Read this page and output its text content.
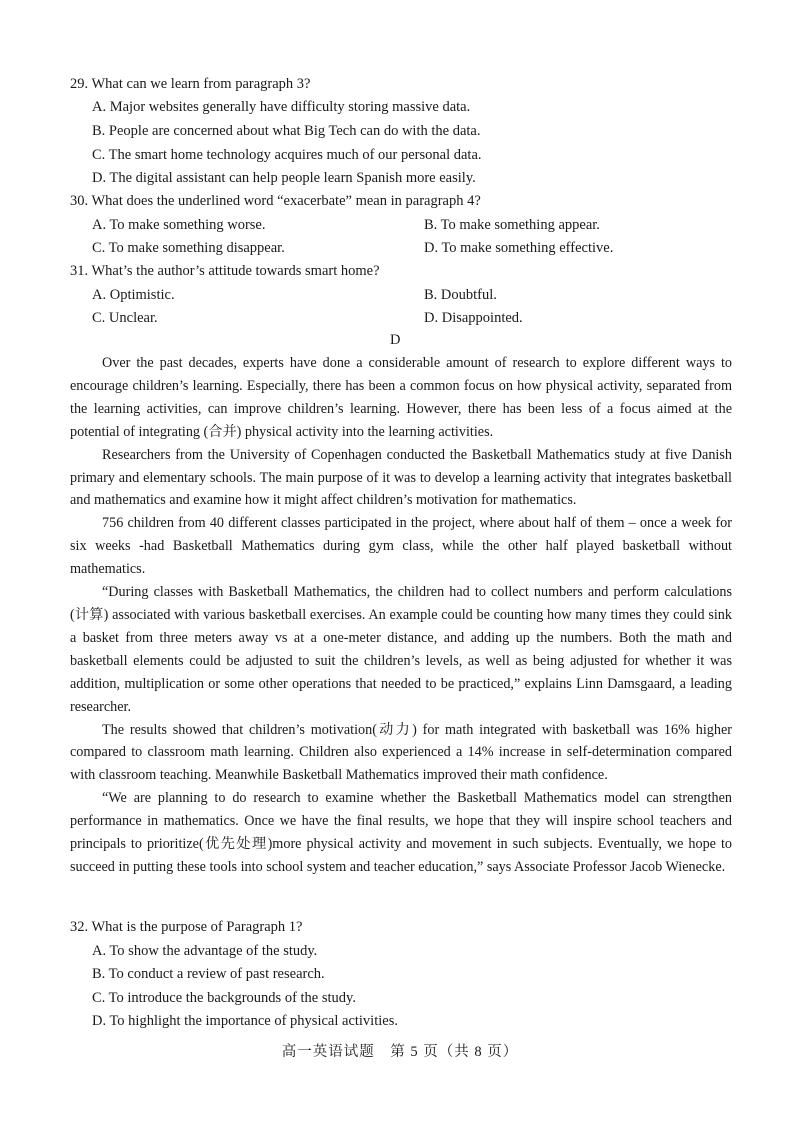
29. What can we learn from paragraph 3?
A. Major websites generally have difficulty storing massive data.
B. People are concerned about what Big Tech can do with the data.
C. The smart home technology acquires much of our personal data.
D. The digital assistant can help people learn Spanish more easily.
30. What does the underlined word “exacerbate” mean in paragraph 4?
A. To make something worse.	B. To make something appear.
C. To make something disappear.	D. To make something effective.
31. What’s the author’s attitude towards smart home?
A. Optimistic.	B. Doubtful.
C. Unclear.	D. Disappointed.
D

Over the past decades, experts have done a considerable amount of research to explore different ways to encourage children’s learning. Especially, there has been a common focus on how physical activity, separated from the learning activities, can improve children’s learning. However, there has been less of a focus aimed at the potential of integrating (合并) physical activity into the learning activities.

Researchers from the University of Copenhagen conducted the Basketball Mathematics study at five Danish primary and elementary schools. The main purpose of it was to develop a learning activity that integrates basketball and mathematics and examine how it might affect children’s motivation for mathematics.

756 children from 40 different classes participated in the project, where about half of them – once a week for six weeks -had Basketball Mathematics during gym class, while the other half played basketball without mathematics.

“During classes with Basketball Mathematics, the children had to collect numbers and perform calculations (计算) associated with various basketball exercises. An example could be counting how many times they could sink a basket from three meters away vs at a one-meter distance, and adding up the numbers. Both the math and basketball elements could be adjusted to suit the children’s levels, as well as being adjusted for whether it was addition, multiplication or some other operations that needed to be practiced,” explains Linn Damsgaard, a leading researcher.

The results showed that children’s motivation(动力) for math integrated with basketball was 16% higher compared to classroom math learning. Children also experienced a 14% increase in self-determination compared with classroom teaching. Meanwhile Basketball Mathematics improved their math confidence.

“We are planning to do research to examine whether the Basketball Mathematics model can strengthen performance in mathematics. Once we have the final results, we hope that they will inspire school teachers and principals to prioritize(优先处理)more physical activity and movement in such subjects. Eventually, we hope to succeed in putting these tools into school system and teacher education,” says Associate Professor Jacob Wienecke.

32. What is the purpose of Paragraph 1?
A. To show the advantage of the study.
B. To conduct a review of past research.
C. To introduce the backgrounds of the study.
D. To highlight the importance of physical activities.
高一英语试题　第 5 页（共 8 页）
